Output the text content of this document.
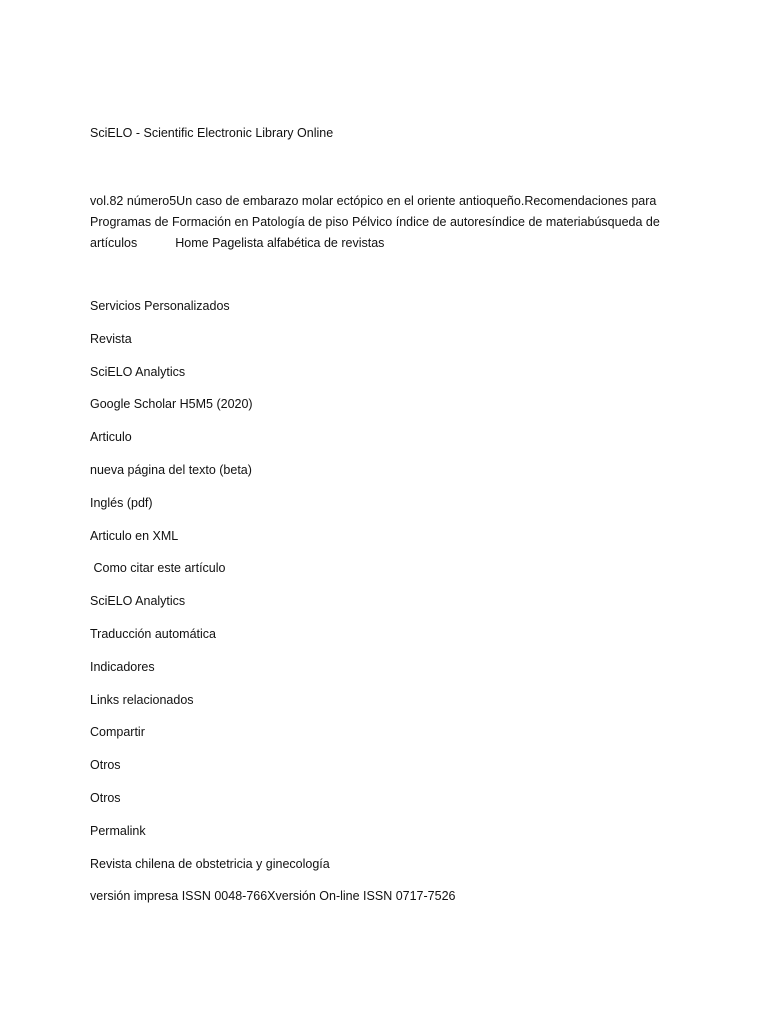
SciELO - Scientific Electronic Library Online
vol.82 número5Un caso de embarazo molar ectópico en el oriente antioqueño.Recomendaciones para Programas de Formación en Patología de piso Pélvico índice de autoresíndice de materiabúsqueda de artículos	Home Pagelista alfabética de revistas
Servicios Personalizados
Revista
SciELO Analytics
Google Scholar H5M5 (2020)
Articulo
nueva página del texto (beta)
Inglés (pdf)
Articulo en XML
Como citar este artículo
SciELO Analytics
Traducción automática
Indicadores
Links relacionados
Compartir
Otros
Otros
Permalink
Revista chilena de obstetricia y ginecología
versión impresa ISSN 0048-766Xversión On-line ISSN 0717-7526
